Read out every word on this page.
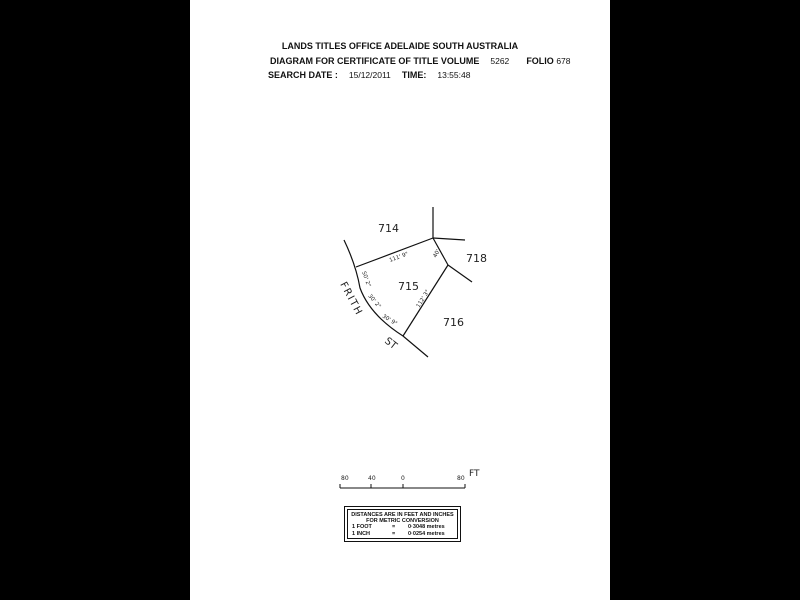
LANDS TITLES OFFICE ADELAIDE SOUTH AUSTRALIA
DIAGRAM FOR CERTIFICATE OF TITLE VOLUME 5262 FOLIO 678
SEARCH DATE : 15/12/2011 TIME: 13:55:48
714
718
715
716
111' 9"	40'
112' 3"
50' 2"
30' 2"
30' 9"
FRITH
ST
80	40	0	80 FT
DISTANCES ARE IN FEET AND INCHES
FOR METRIC CONVERSION
1 FOOT	= 0·3048 metres
1 INCH	= 0·0254 metres
